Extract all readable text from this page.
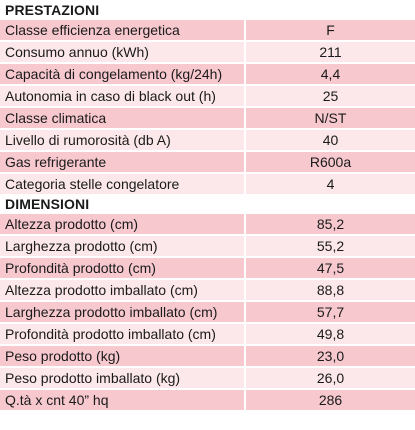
PRESTAZIONI
Classe efficienza energetica	F
Consumo annuo (kWh)	211
Capacità di congelamento (kg/24h)	4,4
Autonomia in caso di black out (h)	25
Classe climatica	N/ST
Livello di rumorosità (db A)	40
Gas refrigerante	R600a
Categoria stelle congelatore	4
DIMENSIONI
Altezza prodotto (cm)	85,2
Larghezza prodotto (cm)	55,2
Profondità prodotto (cm)	47,5
Altezza prodotto imballato (cm)	88,8
Larghezza prodotto imballato (cm)	57,7
Profondità prodotto imballato (cm)	49,8
Peso prodotto (kg)	23,0
Peso prodotto imballato (kg)	26,0
Q.tà x cnt 40” hq	286
